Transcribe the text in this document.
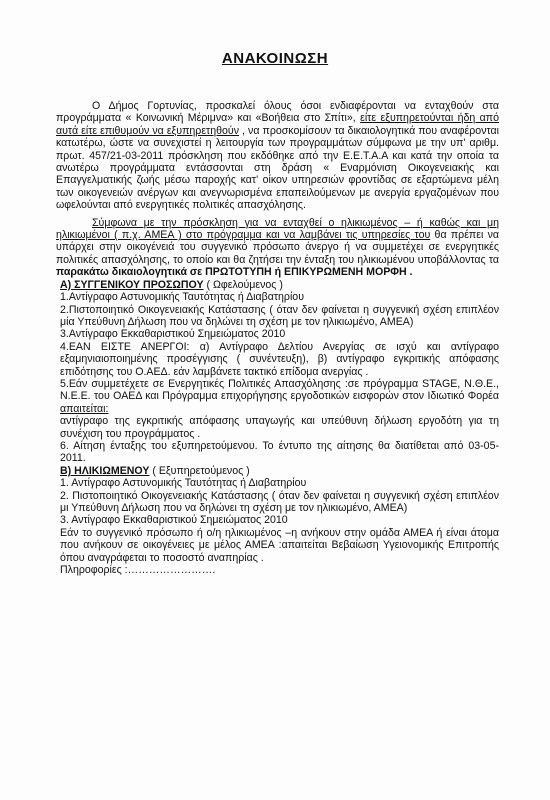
ΑΝΑΚΟΙΝΩΣΗ

Ο Δήμος Γορτυνίας, προσκαλεί όλους όσοι ενδιαφέρονται να ενταχθούν στα προγράμματα « Κοινωνική Μέριμνα» και «Βοήθεια στο Σπίτι», είτε εξυπηρετούνται ήδη από αυτά είτε επιθυμούν να εξυπηρετηθούν , να προσκομίσουν τα δικαιολογητικά που αναφέρονται κατωτέρω, ώστε να συνεχιστεί η λειτουργία των προγραμμάτων σύμφωνα με την υπ' αριθμ. πρωτ. 457/21-03-2011 πρόσκληση που εκδόθηκε από την Ε.Ε.Τ.Α.Α και κατά την οποία τα ανωτέρω προγράμματα εντάσσονται στη δράση « Εναρμόνιση Οικογενειακής και Επαγγελματικής ζωής μέσω παροχής κατ' οίκον υπηρεσιών φροντίδας σε εξαρτώμενα μέλη των οικογενειών ανέργων και ανεγνωρισμένα επαπειλούμενων με ανεργία εργαζομένων που ωφελούνται από ενεργητικές πολιτικές απασχόλησης.

Σύμφωνα με την πρόσκληση για να ενταχθεί ο ηλικιωμένος – ή καθώς και μη ηλικιωμένοι ( π.χ. ΑΜΕΑ ) στο πρόγραμμα και να λαμβάνει τις υπηρεσίες του θα πρέπει να υπάρχει στην οικογένειά του συγγενικό πρόσωπο άνεργο ή να συμμετέχει σε ενεργητικές πολιτικές απασχόλησης, το οποίο και θα ζητήσει την ένταξη του ηλικιωμένου υποβάλλοντας τα παρακάτω δικαιολογητικά σε ΠΡΩΤΟΤΥΠΗ ή ΕΠΙΚΥΡΩΜΕΝΗ ΜΟΡΦΗ .

Α) ΣΥΓΓΕΝΙΚΟΥ ΠΡΟΣΩΠΟΥ ( Ωφελούμενος )

1.Αντίγραφο Αστυνομικής Ταυτότητας ή Διαβατηρίου

2.Πιστοποιητικό Οικογενειακής Κατάστασης ( όταν δεν φαίνεται η συγγενική σχέση επιπλέον μία Υπεύθυνη Δήλωση που να δηλώνει τη σχέση με τον ηλικιωμένο, ΑΜΕΑ)

3.Αντίγραφο Εκκαθαριστικού Σημειώματος 2010

4.ΕΑΝ ΕΙΣΤΕ ΑΝΕΡΓΟΙ: α) Αντίγραφο Δελτίου Ανεργίας σε ισχύ και αντίγραφο εξαμηνιαιοποιημένης προσέγγισης ( συνέντευξη), β) αντίγραφο εγκριτικής απόφασης επιδότησης του Ο.ΑΕΔ. εάν λαμβάνετε τακτικό επίδομα ανεργίας .

5.Εάν συμμετέχετε σε Ενεργητικές Πολιτικές Απασχόλησης :σε πρόγραμμα STAGE, Ν.Θ.Ε., Ν.Ε.Ε. του ΟΑΕΔ και Πρόγραμμα επιχορήγησης εργοδοτικών εισφορών στον Ιδιωτικό Φορέα απαιτείται:

αντίγραφο της εγκριτικής απόφασης υπαγωγής και υπεύθυνη δήλωση εργοδότη για τη συνέχιση του προγράμματος .

6. Αίτηση ένταξης του εξυπηρετούμενου. Το έντυπο της αίτησης θα διατίθεται από 03-05-2011.

Β) ΗΛΙΚΙΩΜΕΝΟΥ ( Εξυπηρετούμενος )

1. Αντίγραφο Αστυνομικής Ταυτότητας ή Διαβατηρίου

2. Πιστοποιητικό Οικογενειακής Κατάστασης ( όταν δεν φαίνεται η συγγενική σχέση επιπλέον μι Υπεύθυνη Δήλωση που να δηλώνει τη σχέση με τον ηλικιωμένο, ΑΜΕΑ)

3. Αντίγραφο Εκκαθαριστικού Σημειώματος 2010

Εάν το συγγενικό πρόσωπο ή ο/η ηλικιωμένος –η ανήκουν στην ομάδα ΑΜΕΑ ή είναι άτομα που ανήκουν σε οικογένειες με μέλος ΑΜΕΑ :απαιτείται Βεβαίωση Υγειονομικής Επιτροπής όπου αναγράφεται το ποσοστό αναπηρίας .

Πληροφορίες :…………………….
